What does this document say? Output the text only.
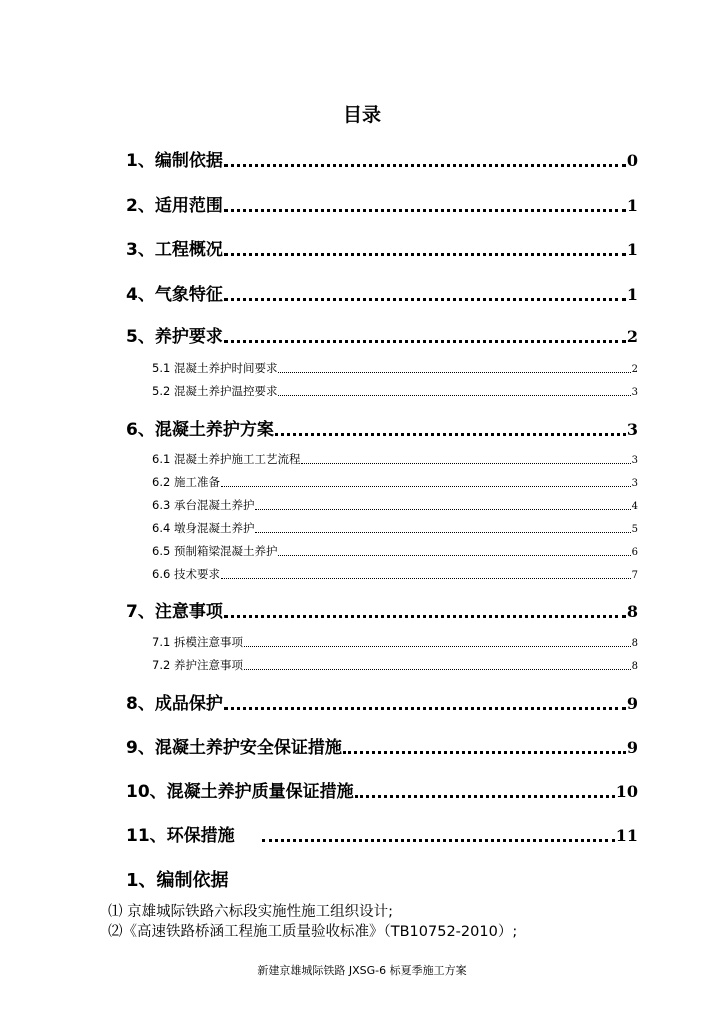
目录
1、编制依据	0
2、适用范围	1
3、工程概况	1
4、气象特征	1
5、养护要求	2
5.1 混凝土养护时间要求	2
5.2 混凝土养护温控要求	3
6、混凝土养护方案	3
6.1 混凝土养护施工工艺流程	3
6.2 施工准备	3
6.3 承台混凝土养护	4
6.4 墩身混凝土养护	5
6.5 预制箱梁混凝土养护	6
6.6 技术要求	7
7、注意事项	8
7.1 拆模注意事项	8
7.2 养护注意事项	8
8、成品保护	9
9、混凝土养护安全保证措施	9
10、混凝土养护质量保证措施	10
11、环保措施	11
1、编制依据
⑴ 京雄城际铁路六标段实施性施工组织设计;
⑵《高速铁路桥涵工程施工质量验收标准》（TB10752-2010）;
新建京雄城际铁路 JXSG-6 标夏季施工方案
